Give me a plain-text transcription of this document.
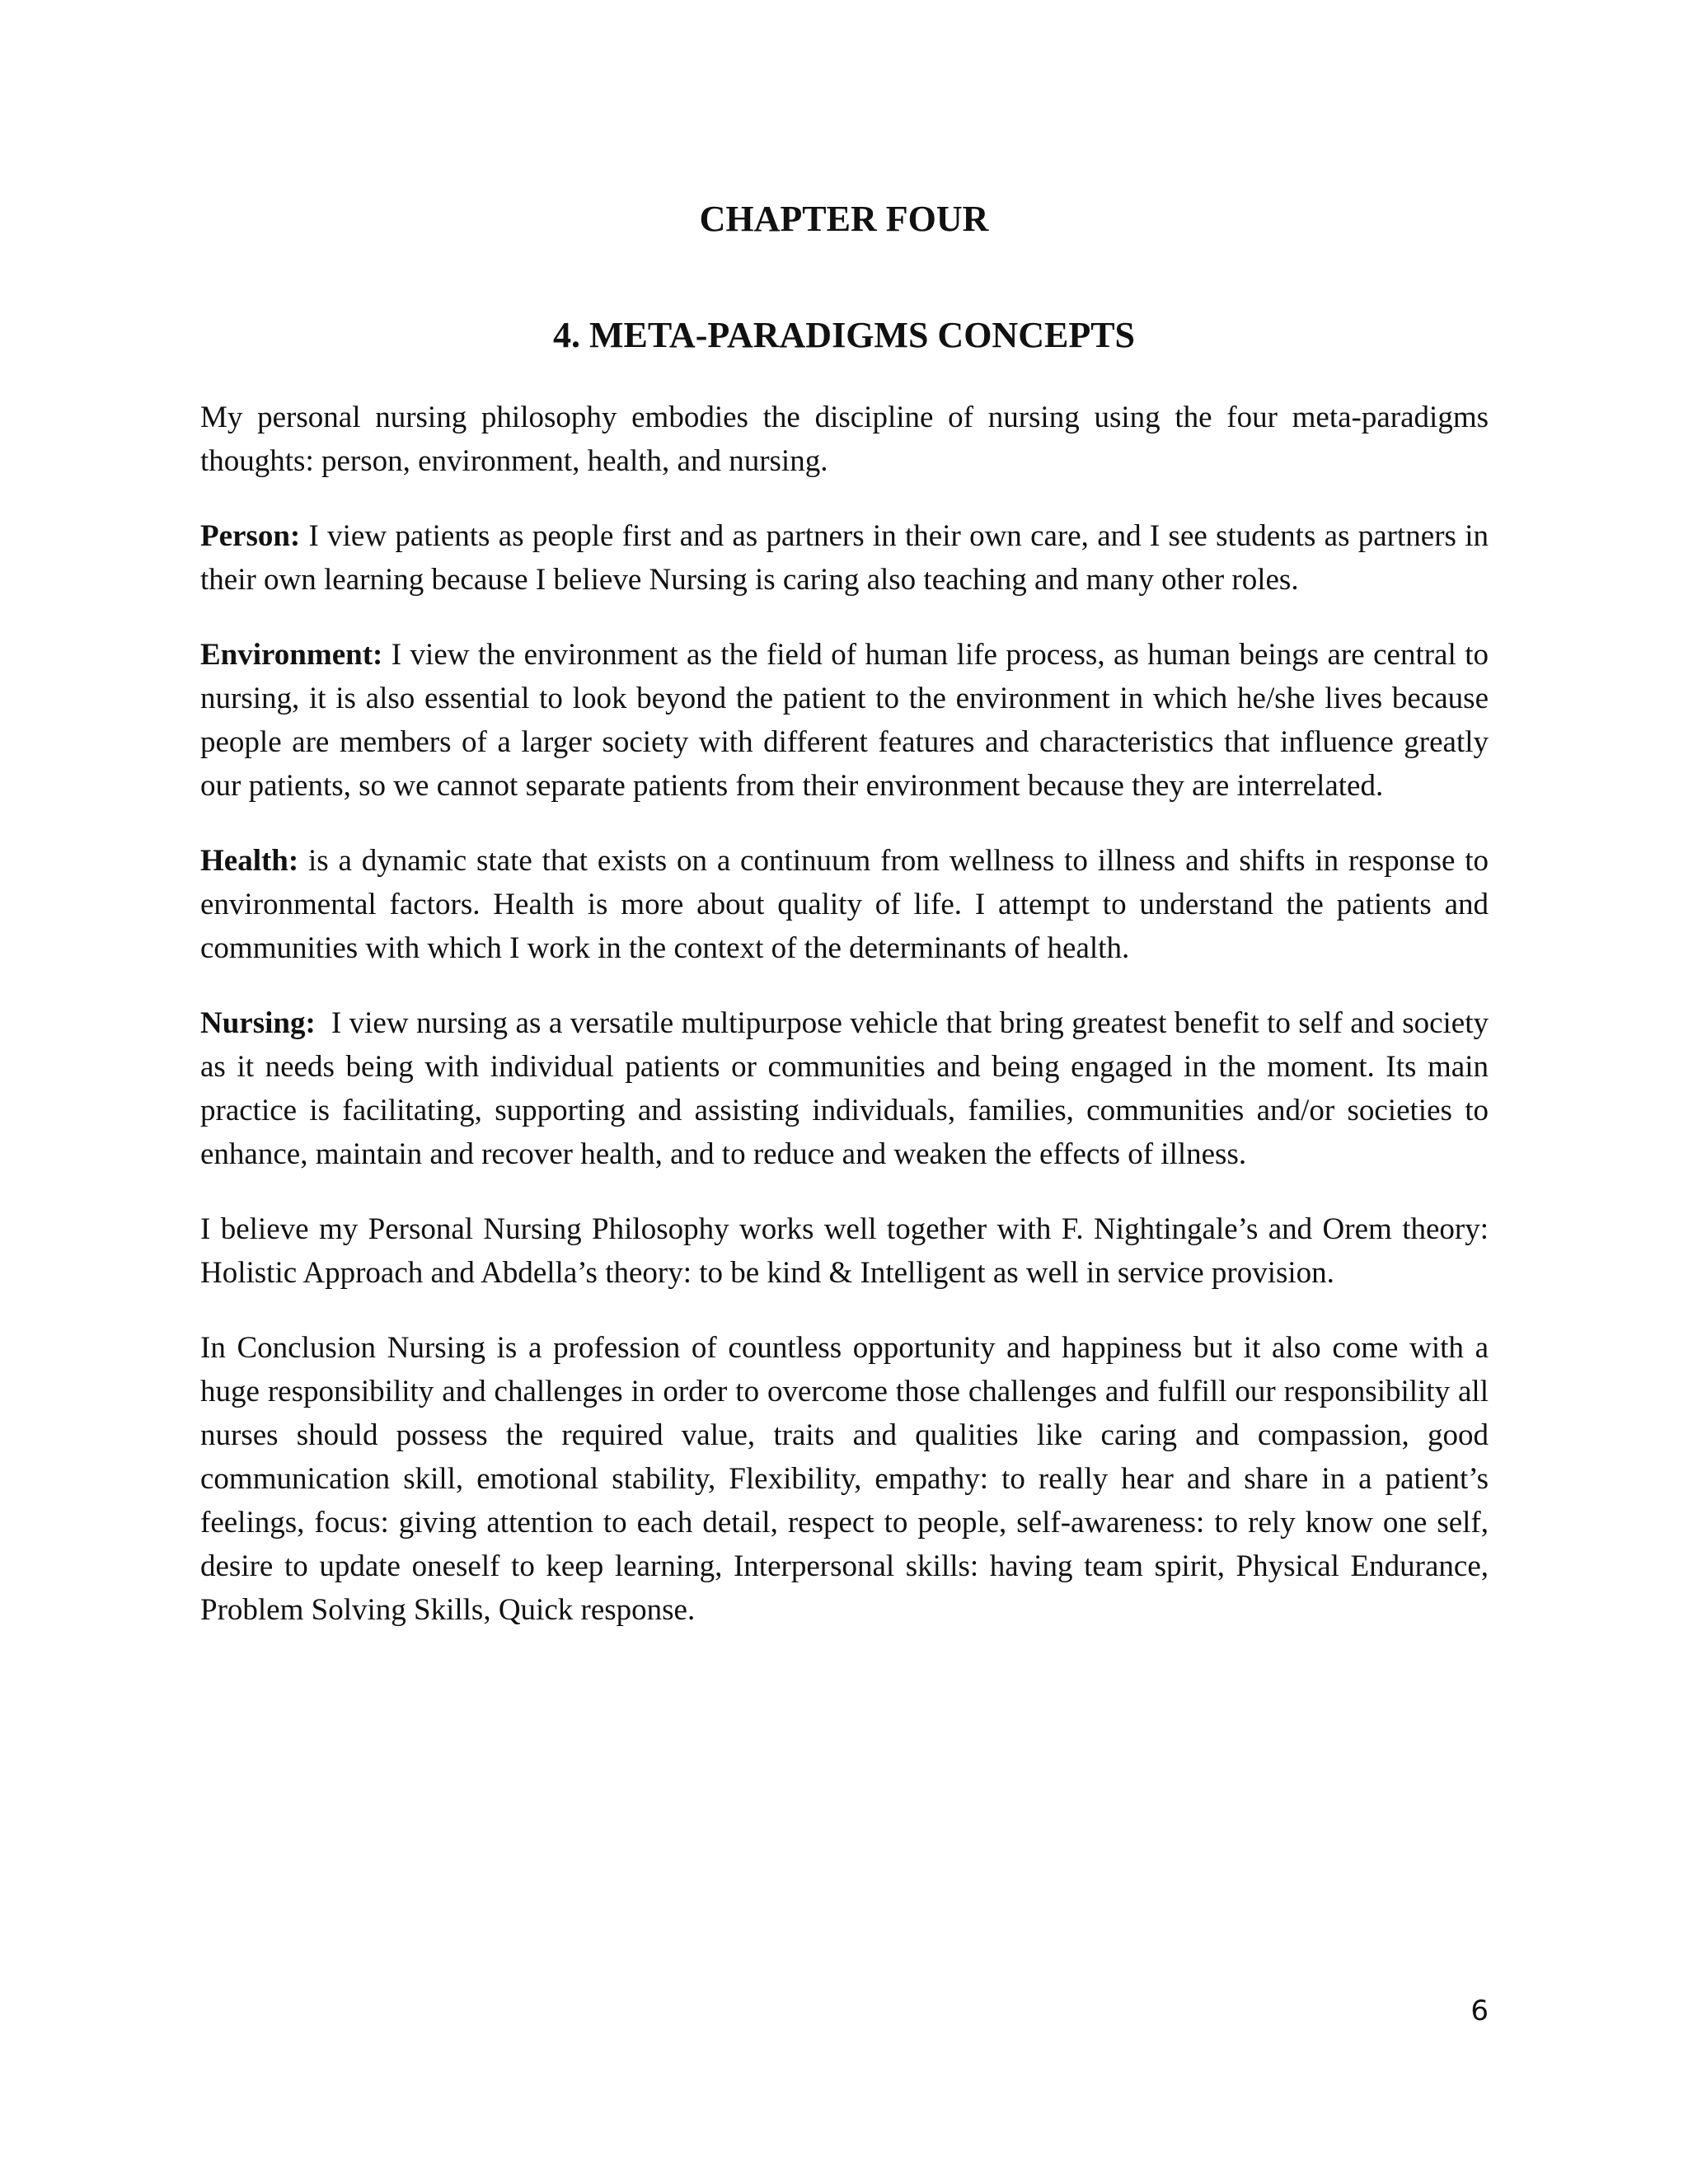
CHAPTER FOUR
4. META-PARADIGMS CONCEPTS

My personal nursing philosophy embodies the discipline of nursing using the four meta-paradigms thoughts: person, environment, health, and nursing.

Person: I view patients as people first and as partners in their own care, and I see students as partners in their own learning because I believe Nursing is caring also teaching and many other roles.

Environment: I view the environment as the field of human life process, as human beings are central to nursing, it is also essential to look beyond the patient to the environment in which he/she lives because people are members of a larger society with different features and characteristics that influence greatly our patients, so we cannot separate patients from their environment because they are interrelated.

Health: is a dynamic state that exists on a continuum from wellness to illness and shifts in response to environmental factors. Health is more about quality of life. I attempt to understand the patients and communities with which I work in the context of the determinants of health.

Nursing:  I view nursing as a versatile multipurpose vehicle that bring greatest benefit to self and society as it needs being with individual patients or communities and being engaged in the moment. Its main practice is facilitating, supporting and assisting individuals, families, communities and/or societies to enhance, maintain and recover health, and to reduce and weaken the effects of illness.

I believe my Personal Nursing Philosophy works well together with F. Nightingale’s and Orem theory: Holistic Approach and Abdella’s theory: to be kind & Intelligent as well in service provision.

In Conclusion Nursing is a profession of countless opportunity and happiness but it also come with a huge responsibility and challenges in order to overcome those challenges and fulfill our responsibility all nurses should possess the required value, traits and qualities like caring and compassion, good communication skill, emotional stability, Flexibility, empathy: to really hear and share in a patient’s feelings, focus: giving attention to each detail, respect to people, self-awareness: to rely know one self, desire to update oneself to keep learning, Interpersonal skills: having team spirit, Physical Endurance, Problem Solving Skills, Quick response.

6
